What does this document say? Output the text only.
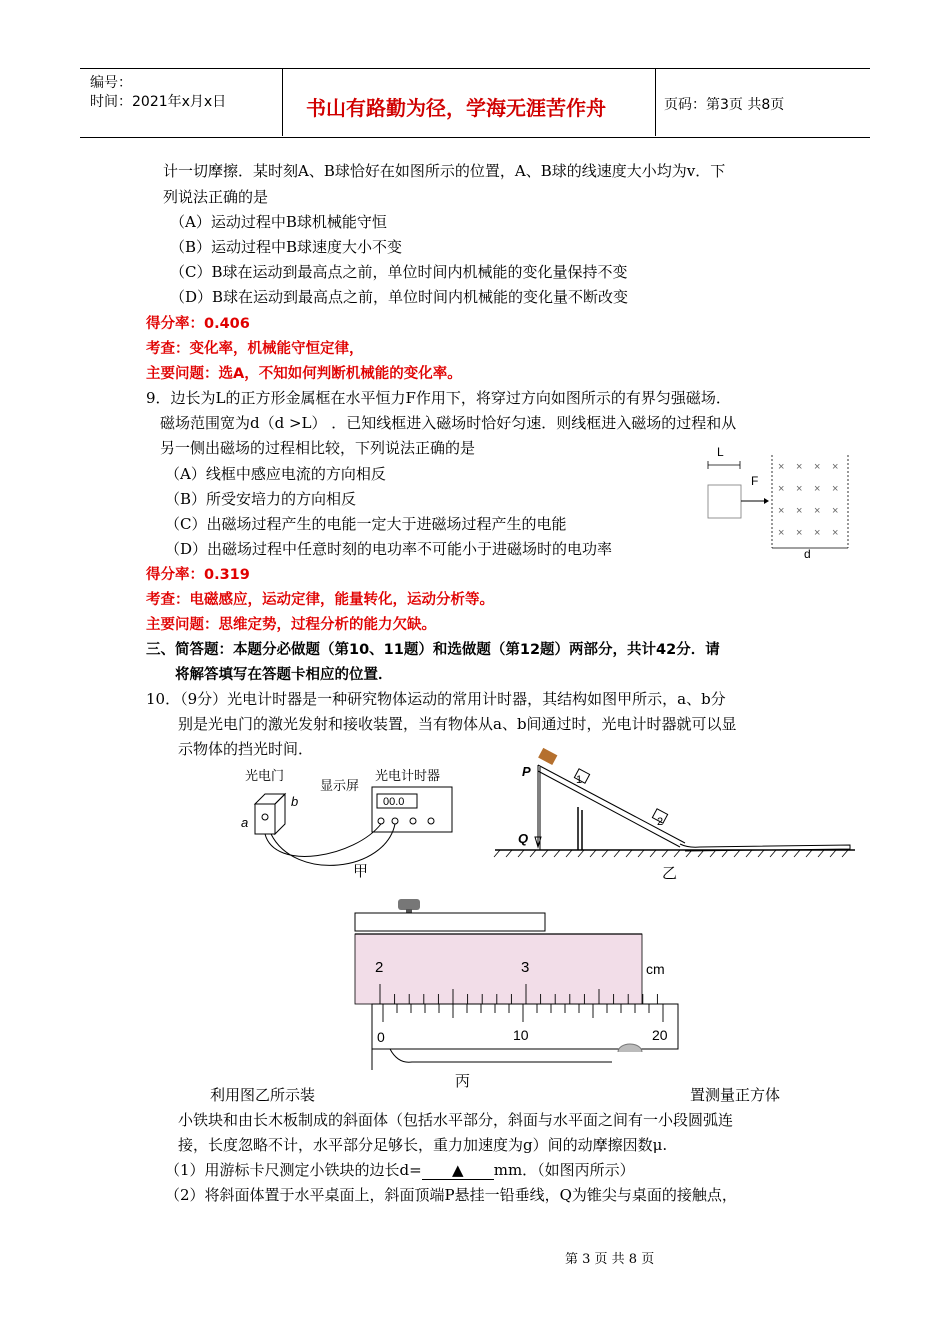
编号：
时间：2021年x月x日	书山有路勤为径，学海无涯苦作舟	页码：第3页 共8页
计一切摩擦．某时刻A、B球恰好在如图所示的位置，A、B球的线速度大小均为v．下
列说法正确的是
（A）运动过程中B球机械能守恒
（B）运动过程中B球速度大小不变
（C）B球在运动到最高点之前，单位时间内机械能的变化量保持不变
（D）B球在运动到最高点之前，单位时间内机械能的变化量不断改变
得分率：0.406
考查：变化率，机械能守恒定律，
主要问题：选A，不知如何判断机械能的变化率。
9．边长为L的正方形金属框在水平恒力F作用下，将穿过方向如图所示的有界匀强磁场．
磁场范围宽为d（d >L） ．已知线框进入磁场时恰好匀速．则线框进入磁场的过程和从
另一侧出磁场的过程相比较，下列说法正确的是
（A）线框中感应电流的方向相反
（B）所受安培力的方向相反
（C）出磁场过程产生的电能一定大于进磁场过程产生的电能
（D）出磁场过程中任意时刻的电功率不可能小于进磁场时的电功率
L
F
× × × ×
× × × ×
× × × ×
× × × ×
d
得分率：0.319
考查：电磁感应，运动定律，能量转化，运动分析等。
主要问题：思维定势，过程分析的能力欠缺。
三、简答题：本题分必做题（第10、11题）和选做题（第12题）两部分，共计42分．请
将解答填写在答题卡相应的位置．
10．（9分）光电计时器是一种研究物体运动的常用计时器，其结构如图甲所示，a、b分
别是光电门的激光发射和接收装置，当有物体从a、b间通过时，光电计时器就可以显
示物体的挡光时间．
光电门
显示屏
光电计时器
a
b	00.0
甲
P
Q
1
2
乙
2	3	cm
0	10	20
丙
利用图乙所示装	置测量正方体
小铁块和由长木板制成的斜面体（包括水平部分，斜面与水平面之间有一小段圆弧连
接，长度忽略不计，水平部分足够长，重力加速度为g）间的动摩擦因数μ.
（1）用游标卡尺测定小铁块的边长d= ▲ mm．（如图丙所示）
（2）将斜面体置于水平桌面上，斜面顶端P悬挂一铅垂线，Q为锥尖与桌面的接触点，
第 3 页 共 8 页
